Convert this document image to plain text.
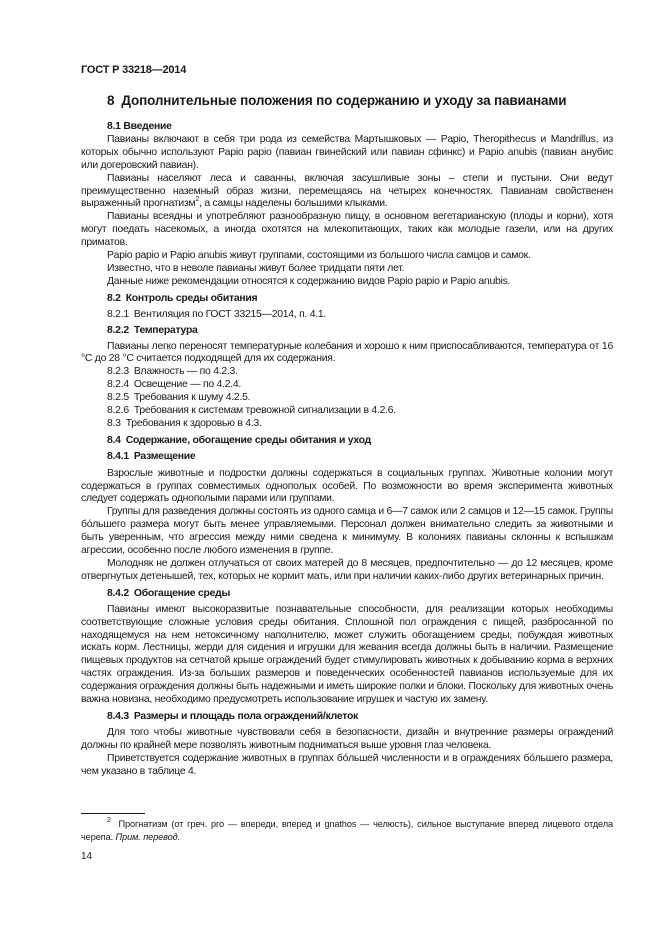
ГОСТ Р 33218—2014
8 Дополнительные положения по содержанию и уходу за павианами
8.1 Введение

Павианы включают в себя три рода из семейства Мартышковых — Papio, Theropithecus и Mandrillus, из которых обычно используют Papio papio (павиан гвинейский или павиан сфинкс) и Papio anubis (павиан анубис или догеровский павиан).

Павианы населяют леса и саванны, включая засушливые зоны – степи и пустыни. Они ведут преимущественно наземный образ жизни, перемещаясь на четырех конечностях. Павианам свойственен выраженный прогнатизм$^2$, а самцы наделены большими клыками.

Павианы всеядны и употребляют разнообразную пищу, в основном вегетарианскую (плоды и корни), хотя могут поедать насекомых, а иногда охотятся на млекопитающих, таких как молодые газели, или на других приматов.

Papio papio и Papio anubis живут группами, состоящими из большого числа самцов и самок.

Известно, что в неволе павианы живут более тридцати пяти лет.

Данные ниже рекомендации относятся к содержанию видов Papio papio и Papio anubis.

8.2 Контроль среды обитания
8.2.1 Вентиляция по ГОСТ 33215—2014, п. 4.1.
8.2.2 Температура

Павианы легко переносят температурные колебания и хорошо к ним приспосабливаются, температура от 16 °С до 28 °С считается подходящей для их содержания.

8.2.3 Влажность — по 4.2.3.
8.2.4 Освещение — по 4.2.4.
8.2.5 Требования к шуму 4.2.5.
8.2.6 Требования к системам тревожной сигнализации в 4.2.6.
8.3 Требования к здоровью в 4.3.
8.4 Содержание, обогащение среды обитания и уход
8.4.1 Размещение

Взрослые животные и подростки должны содержаться в социальных группах. Животные колонии могут содержаться в группах совместимых однополых особей. По возможности во время эксперимента животных следует содержать однополыми парами или группами.

Группы для разведения должны состоять из одного самца и 6—7 самок или 2 самцов и 12—15 самок. Группы бóльшего размера могут быть менее управляемыми. Персонал должен внимательно следить за животными и быть уверенным, что агрессия между ними сведена к минимуму. В колониях павианы склонны к вспышкам агрессии, особенно после любого изменения в группе.

Молодняк не должен отлучаться от своих матерей до 8 месяцев, предпочтительно — до 12 месяцев, кроме отвергнутых детенышей, тех, которых не кормит мать, или при наличии каких-либо других ветеринарных причин.

8.4.2 Обогащение среды

Павианы имеют высокоразвитые познавательные способности, для реализации которых необходимы соответствующие сложные условия среды обитания. Сплошной пол ограждения с пищей, разбросанной по находящемуся на нем нетоксичному наполнителю, может служить обогащением среды, побуждая животных искать корм. Лестницы, жерди для сидения и игрушки для жевания всегда должны быть в наличии. Размещение пищевых продуктов на сетчатой крыше ограждений будет стимулировать животных к добыванию корма в верхних частях ограждения. Из-за больших размеров и поведенческих особенностей павианов используемые для их содержания ограждения должны быть надежными и иметь широкие полки и блоки. Поскольку для животных очень важна новизна, необходимо предусмотреть использование игрушек и частую их замену.

8.4.3 Размеры и площадь пола ограждений/клеток

Для того чтобы животные чувствовали себя в безопасности, дизайн и внутренние размеры ограждений должны по крайней мере позволять животным подниматься выше уровня глаз человека.

Приветствуется содержание животных в группах бóльшей численности и в ограждениях бóльшего размера, чем указано в таблице 4.

$^2$ Прогнатизм (от греч. pro — впереди, вперед и gnathos — челюсть), сильное выступание вперед лицевого отдела черепа. Прим. перевод.

14
